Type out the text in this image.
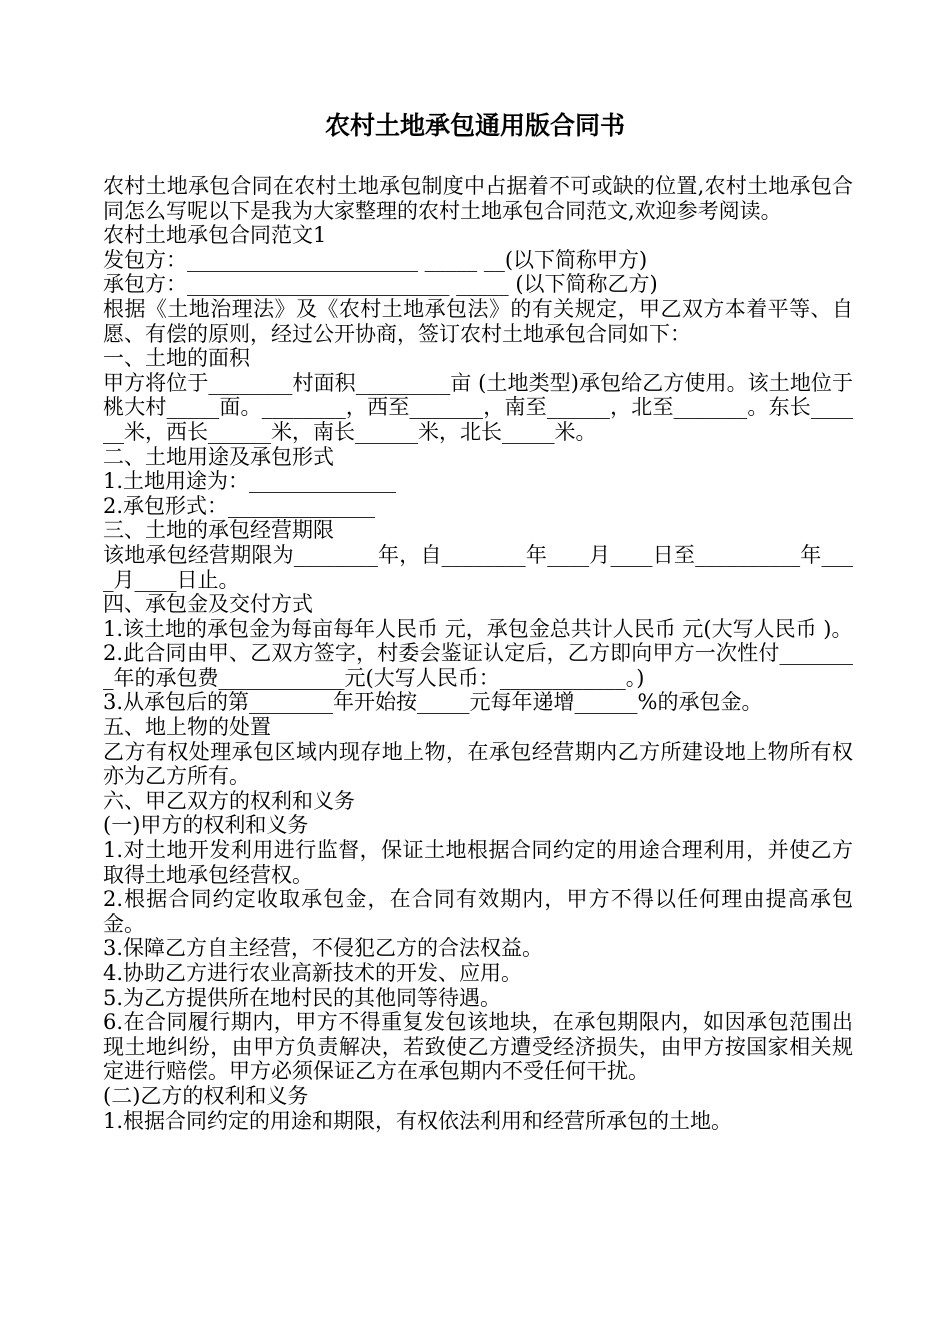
农村土地承包通用版合同书

农村土地承包合同在农村土地承包制度中占据着不可或缺的位置,农村土地承包合同怎么写呢以下是我为大家整理的农村土地承包合同范文,欢迎参考阅读。

农村土地承包合同范文1

发包方：______________________ _____ __(以下简称甲方)

承包方：_________________________ _____ (以下简称乙方)

根据《土地治理法》及《农村土地承包法》的有关规定，甲乙双方本着平等、自愿、有偿的原则，经过公开协商，签订农村土地承包合同如下：

一、土地的面积

甲方将位于________村面积_________亩 (土地类型)承包给乙方使用。该土地位于桃大村_____面。________，西至_______，南至______，北至_______。东长______米，西长______米，南长______米，北长_____米。

二、土地用途及承包形式

1.土地用途为：______________

2.承包形式：______________

三、土地的承包经营期限

该地承包经营期限为________年，自________年____月____日至__________年____月____日止。

四、承包金及交付方式

1.该土地的承包金为每亩每年人民币 元，承包金总共计人民币 元(大写人民币 )。

2.此合同由甲、乙双方签字，村委会鉴证认定后，乙方即向甲方一次性付________年的承包费____________元(大写人民币：____________。)

3.从承包后的第________年开始按_____元每年递增______%的承包金。

五、地上物的处置

乙方有权处理承包区域内现存地上物，在承包经营期内乙方所建设地上物所有权亦为乙方所有。

六、甲乙双方的权利和义务

(一)甲方的权利和义务

1.对土地开发利用进行监督，保证土地根据合同约定的用途合理利用，并使乙方取得土地承包经营权。

2.根据合同约定收取承包金，在合同有效期内，甲方不得以任何理由提高承包金。

3.保障乙方自主经营，不侵犯乙方的合法权益。

4.协助乙方进行农业高新技术的开发、应用。

5.为乙方提供所在地村民的其他同等待遇。

6.在合同履行期内，甲方不得重复发包该地块，在承包期限内，如因承包范围出现土地纠纷，由甲方负责解决，若致使乙方遭受经济损失，由甲方按国家相关规定进行赔偿。甲方必须保证乙方在承包期内不受任何干扰。

(二)乙方的权利和义务

1.根据合同约定的用途和期限，有权依法利用和经营所承包的土地。
